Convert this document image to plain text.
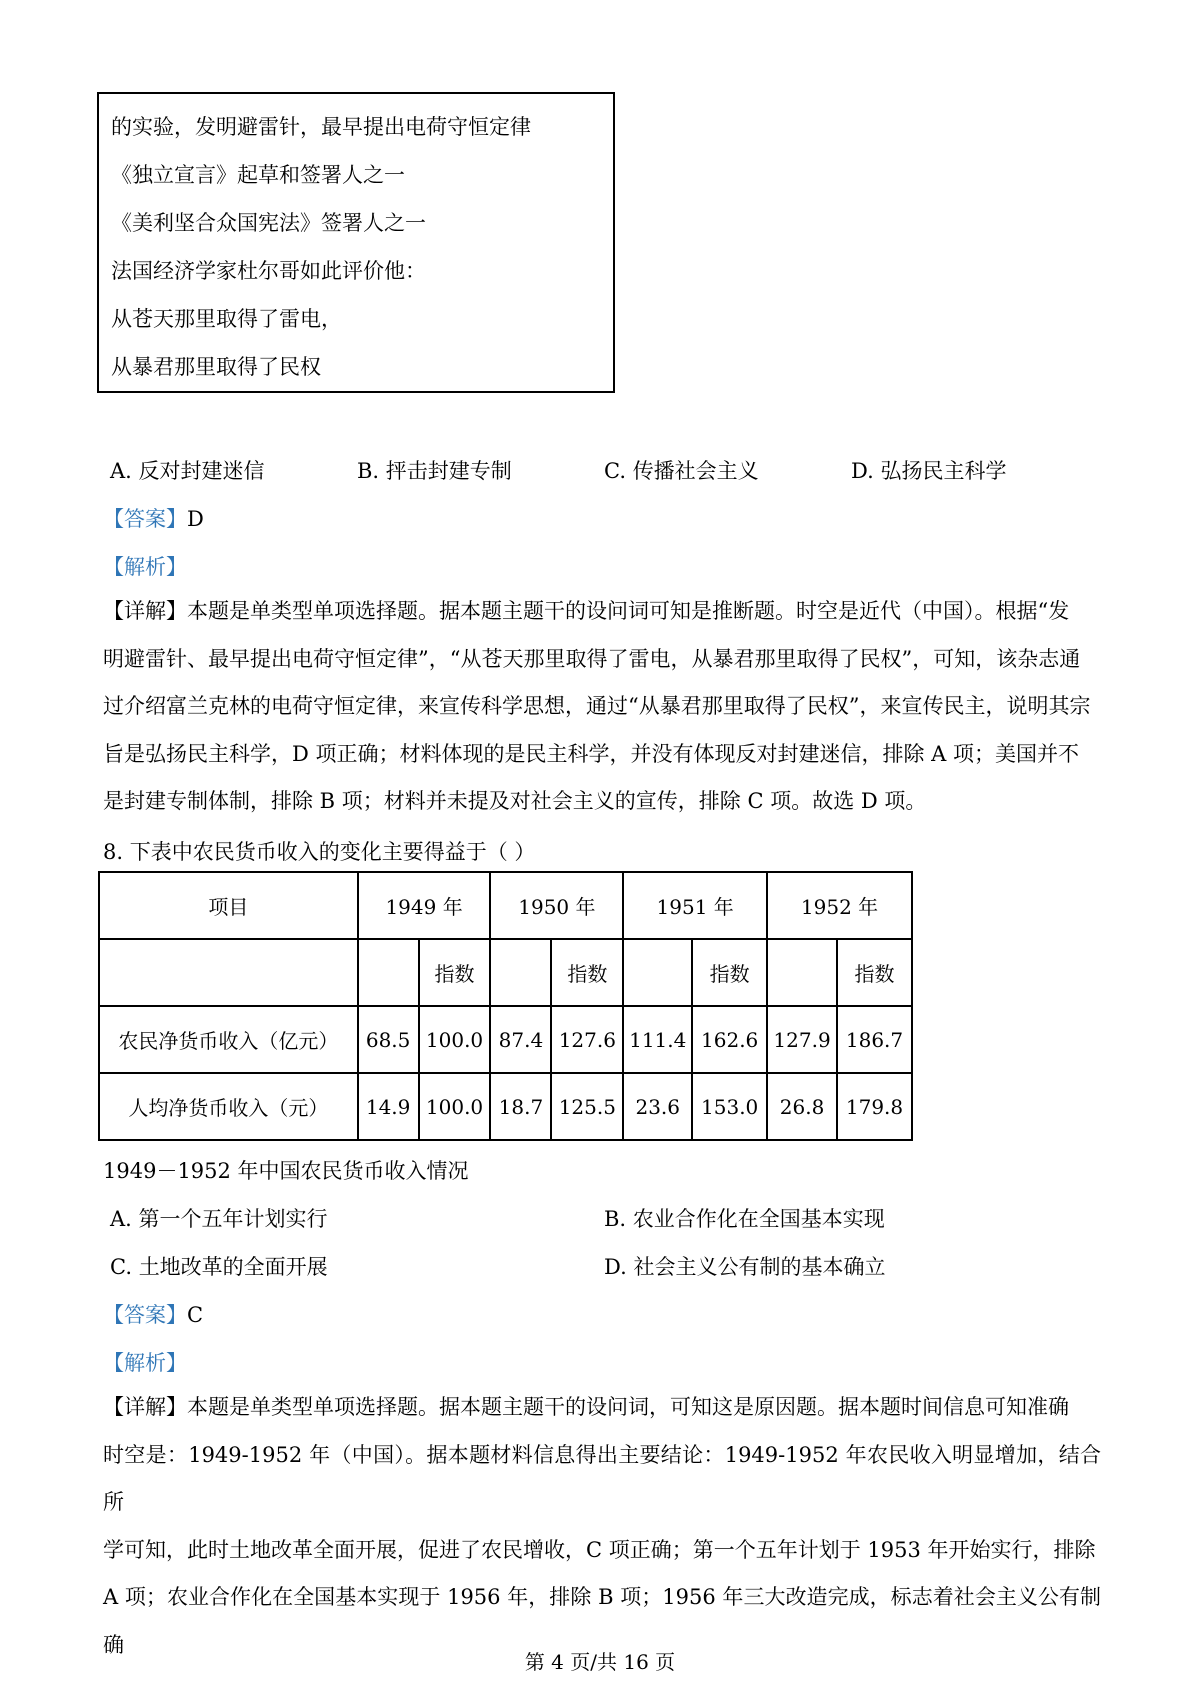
的实验，发明避雷针，最早提出电荷守恒定律
《独立宣言》起草和签署人之一
《美利坚合众国宪法》签署人之一
法国经济学家杜尔哥如此评价他：
从苍天那里取得了雷电，
从暴君那里取得了民权
A. 反对封建迷信	B. 抨击封建专制	C. 传播社会主义	D. 弘扬民主科学
【答案】D
【解析】
【详解】本题是单类型单项选择题。据本题主题干的设问词可知是推断题。时空是近代（中国）。根据“发
明避雷针、最早提出电荷守恒定律”，“从苍天那里取得了雷电，从暴君那里取得了民权”，可知，该杂志通
过介绍富兰克林的电荷守恒定律，来宣传科学思想，通过“从暴君那里取得了民权”，来宣传民主，说明其宗
旨是弘扬民主科学，D 项正确；材料体现的是民主科学，并没有体现反对封建迷信，排除 A 项；美国并不
是封建专制体制，排除 B 项；材料并未提及对社会主义的宣传，排除 C 项。故选 D 项。
8. 下表中农民货币收入的变化主要得益于（ ）
项目	1949 年		1950 年		1951 年		1952 年	
		指数		指数		指数		指数
农民净货币收入（亿元）	68.5	100.0	87.4	127.6	111.4	162.6	127.9	186.7
人均净货币收入（元）	14.9	100.0	18.7	125.5	23.6	153.0	26.8	179.8
1949－1952 年中国农民货币收入情况
A. 第一个五年计划实行	B. 农业合作化在全国基本实现
C. 土地改革的全面开展	D. 社会主义公有制的基本确立
【答案】C
【解析】
【详解】本题是单类型单项选择题。据本题主题干的设问词，可知这是原因题。据本题时间信息可知准确
时空是：1949-1952 年（中国）。据本题材料信息得出主要结论：1949-1952 年农民收入明显增加，结合所
学可知，此时土地改革全面开展，促进了农民增收，C 项正确；第一个五年计划于 1953 年开始实行，排除
A 项；农业合作化在全国基本实现于 1956 年，排除 B 项；1956 年三大改造完成，标志着社会主义公有制确
第 4 页/共 16 页
